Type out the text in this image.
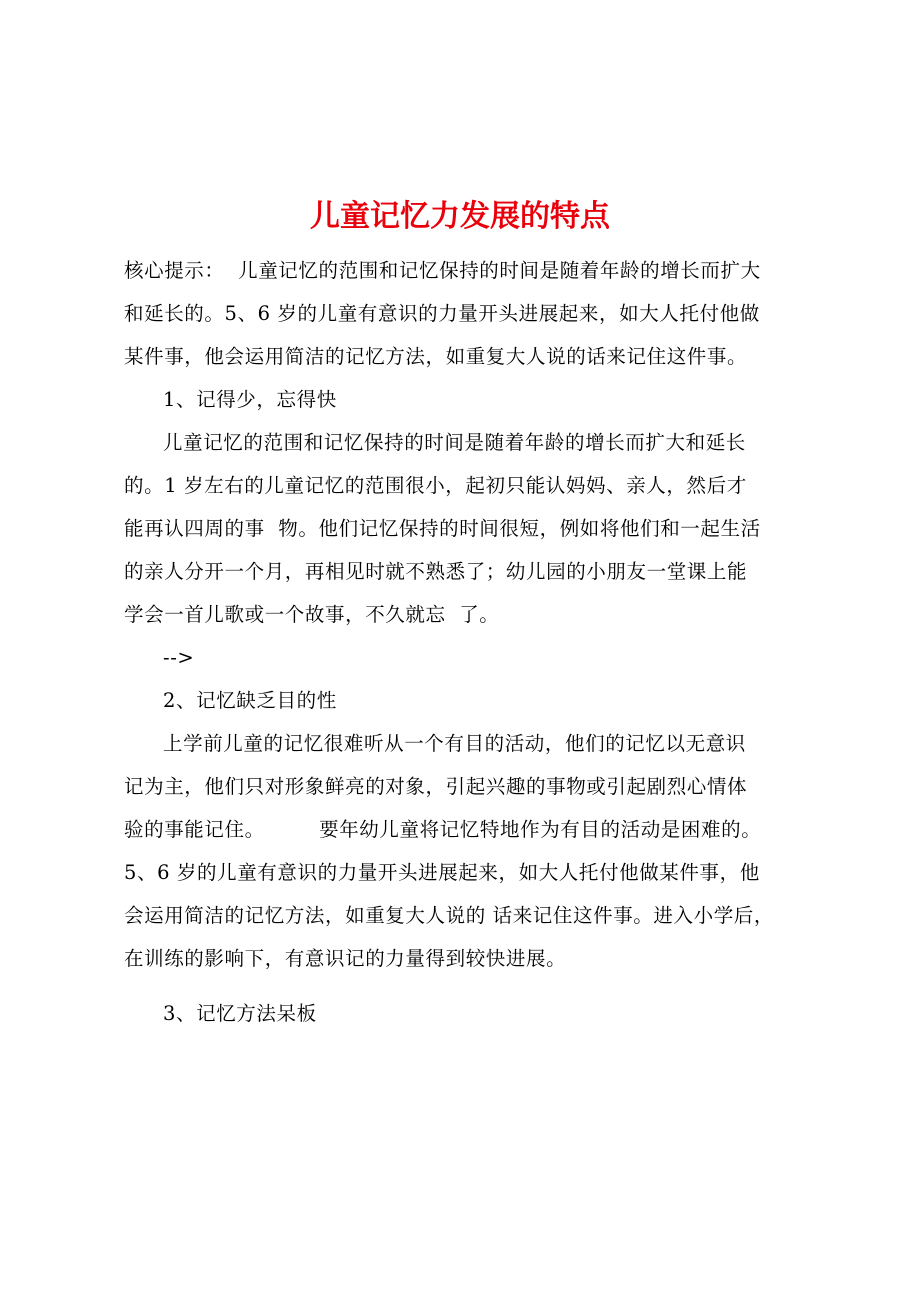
儿童记忆力发展的特点
核心提示：  儿童记忆的范围和记忆保持的时间是随着年龄的增长而扩大
和延长的。5、6 岁的儿童有意识的力量开头进展起来，如大人托付他做
某件事，他会运用简洁的记忆方法，如重复大人说的话来记住这件事。
1、记得少，忘得快
儿童记忆的范围和记忆保持的时间是随着年龄的增长而扩大和延长
的。1 岁左右的儿童记忆的范围很小，起初只能认妈妈、亲人，然后才
能再认四周的事  物。他们记忆保持的时间很短，例如将他们和一起生活
的亲人分开一个月，再相见时就不熟悉了；幼儿园的小朋友一堂课上能
学会一首儿歌或一个故事，不久就忘  了。
-->
2、记忆缺乏目的性
上学前儿童的记忆很难听从一个有目的活动，他们的记忆以无意识
记为主，他们只对形象鲜亮的对象，引起兴趣的事物或引起剧烈心情体
验的事能记住。        要年幼儿童将记忆特地作为有目的活动是困难的。
5、6 岁的儿童有意识的力量开头进展起来，如大人托付他做某件事，他
会运用简洁的记忆方法，如重复大人说的 话来记住这件事。进入小学后，
在训练的影响下，有意识记的力量得到较快进展。
3、记忆方法呆板
